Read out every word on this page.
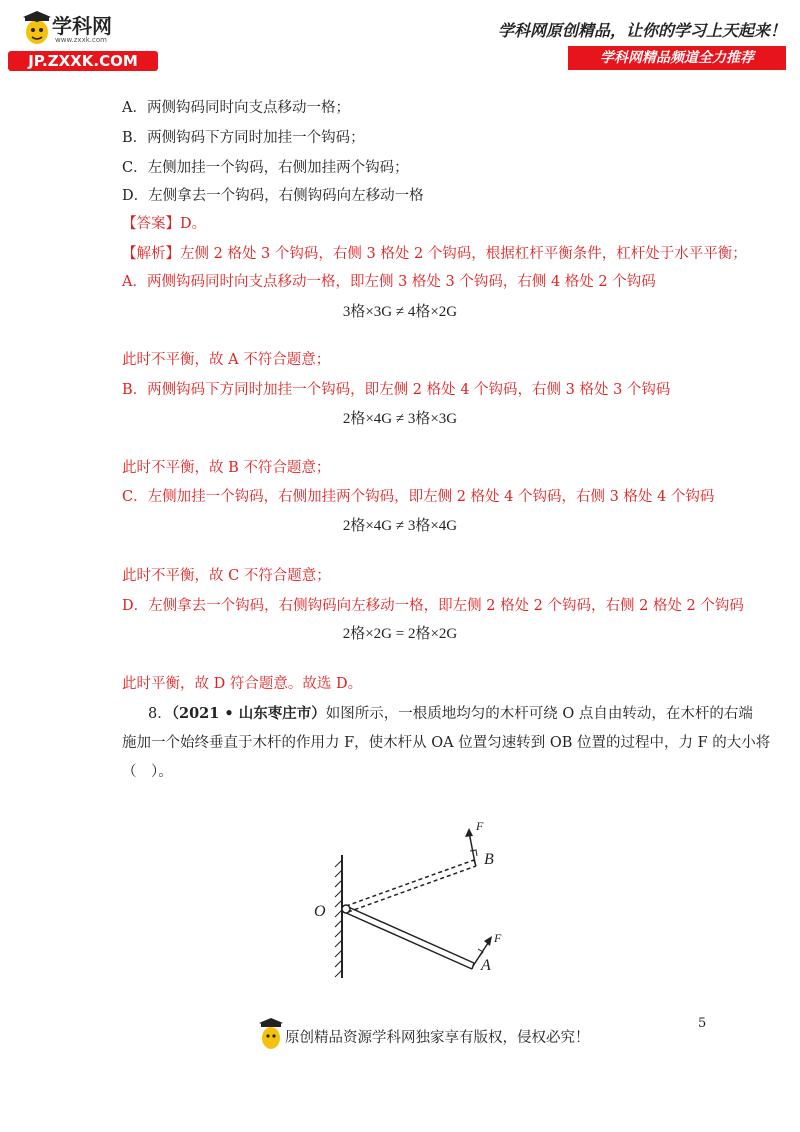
学科网
www.zxxk.com
JP.ZXXK.COM
学科网原创精品，让你的学习上天起来！
学科网精品频道全力推荐
A．两侧钩码同时向支点移动一格；
B．两侧钩码下方同时加挂一个钩码；
C．左侧加挂一个钩码，右侧加挂两个钩码；
D．左侧拿去一个钩码，右侧钩码向左移动一格
【答案】D。
【解析】左侧 2 格处 3 个钩码，右侧 3 格处 2 个钩码，根据杠杆平衡条件，杠杆处于水平平衡；
A．两侧钩码同时向支点移动一格，即左侧 3 格处 3 个钩码，右侧 4 格处 2 个钩码
3格×3G ≠ 4格×2G
此时不平衡，故 A 不符合题意；
B．两侧钩码下方同时加挂一个钩码，即左侧 2 格处 4 个钩码，右侧 3 格处 3 个钩码
2格×4G ≠ 3格×3G
此时不平衡，故 B 不符合题意；
C．左侧加挂一个钩码，右侧加挂两个钩码，即左侧 2 格处 4 个钩码，右侧 3 格处 4 个钩码
2格×4G ≠ 3格×4G
此时不平衡，故 C 不符合题意；
D．左侧拿去一个钩码，右侧钩码向左移动一格，即左侧 2 格处 2 个钩码，右侧 2 格处 2 个钩码
2格×2G = 2格×2G
此时平衡，故 D 符合题意。故选 D。
8．（2021 • 山东枣庄市）如图所示，一根质地均匀的木杆可绕 O 点自由转动，在木杆的右端
施加一个始终垂直于木杆的作用力 F，使木杆从 OA 位置匀速转到 OB 位置的过程中，力 F 的大小将
（　）。
O
A
B
F
F
原创精品资源学科网独家享有版权，侵权必究！
5
